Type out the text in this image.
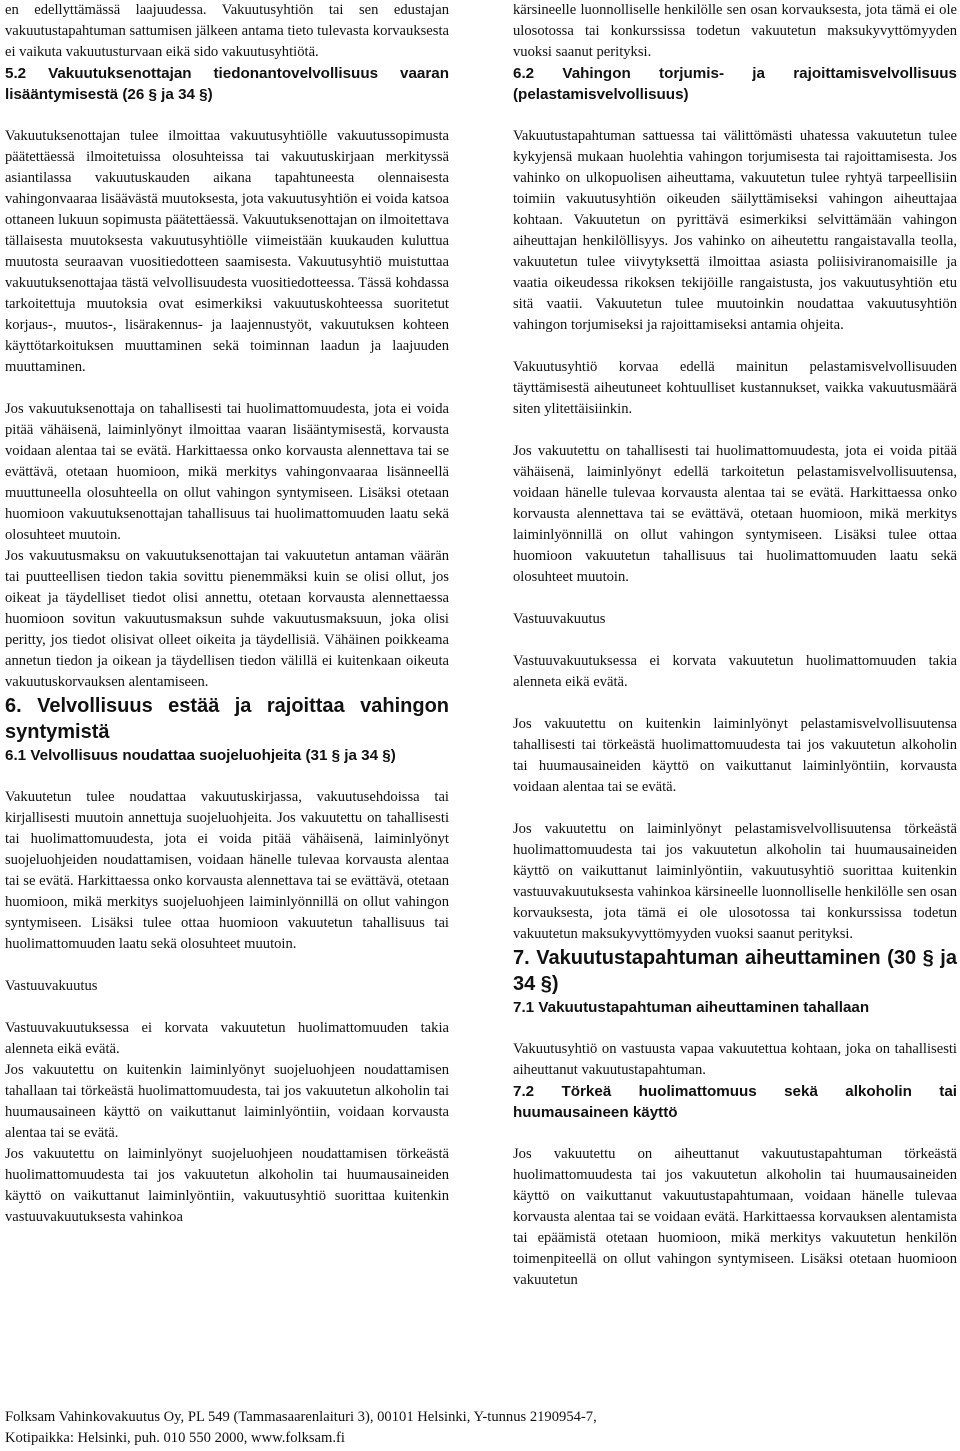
en edellyttämässä laajuudessa. Vakuutusyhtiön tai sen edustajan vakuutustapahtuman sattumisen jälkeen antama tieto tulevasta korvauksesta ei vaikuta vakuutusturvaan eikä sido vakuutusyhtiötä.

5.2 Vakuutuksenottajan tiedonantovelvollisuus vaaran lisääntymisestä (26 § ja 34 §)

Vakuutuksenottajan tulee ilmoittaa vakuutusyhtiölle vakuutussopimusta päätettäessä ilmoitetuissa olosuhteissa tai vakuutuskirjaan merkityssä asiantilassa vakuutuskauden aikana tapahtuneesta olennaisesta vahingonvaaraa lisäävästä muutoksesta, jota vakuutusyhtiön ei voida katsoa ottaneen lukuun sopimusta päätettäessä. Vakuutuksenottajan on ilmoitettava tällaisesta muutoksesta vakuutusyhtiölle viimeistään kuukauden kuluttua muutosta seuraavan vuositiedotteen saamisesta. Vakuutusyhtiö muistuttaa vakuutuksenottajaa tästä velvollisuudesta vuositiedotteessa. Tässä kohdassa tarkoitettuja muutoksia ovat esimerkiksi vakuutuskohteessa suoritetut korjaus-, muutos-, lisärakennus- ja laajennustyöt, vakuutuksen kohteen käyttötarkoituksen muuttaminen sekä toiminnan laadun ja laajuuden muuttaminen.

Jos vakuutuksenottaja on tahallisesti tai huolimattomuudesta, jota ei voida pitää vähäisenä, laiminlyönyt ilmoittaa vaaran lisääntymisestä, korvausta voidaan alentaa tai se evätä. Harkittaessa onko korvausta alennettava tai se evättävä, otetaan huomioon, mikä merkitys vahingonvaaraa lisänneellä muuttuneella olosuhteella on ollut vahingon syntymiseen. Lisäksi otetaan huomioon vakuutuksenottajan tahallisuus tai huolimattomuuden laatu sekä olosuhteet muutoin.

Jos vakuutusmaksu on vakuutuksenottajan tai vakuutetun antaman väärän tai puutteellisen tiedon takia sovittu pienemmäksi kuin se olisi ollut, jos oikeat ja täydelliset tiedot olisi annettu, otetaan korvausta alennettaessa huomioon sovitun vakuutusmaksun suhde vakuutusmaksuun, joka olisi peritty, jos tiedot olisivat olleet oikeita ja täydellisiä. Vähäinen poikkeama annetun tiedon ja oikean ja täydellisen tiedon välillä ei kuitenkaan oikeuta vakuutuskorvauksen alentamiseen.

6. Velvollisuus estää ja rajoittaa vahingon syntymistä

6.1 Velvollisuus noudattaa suojeluohjeita (31 § ja 34 §)

Vakuutetun tulee noudattaa vakuutuskirjassa, vakuutusehdoissa tai kirjallisesti muutoin annettuja suojeluohjeita. Jos vakuutettu on tahallisesti tai huolimattomuudesta, jota ei voida pitää vähäisenä, laiminlyönyt suojeluohjeiden noudattamisen, voidaan hänelle tulevaa korvausta alentaa tai se evätä. Harkittaessa onko korvausta alennettava tai se evättävä, otetaan huomioon, mikä merkitys suojeluohjeen laiminlyönnillä on ollut vahingon syntymiseen. Lisäksi tulee ottaa huomioon vakuutetun tahallisuus tai huolimattomuuden laatu sekä olosuhteet muutoin.

Vastuuvakuutus

Vastuuvakuutuksessa ei korvata vakuutetun huolimattomuuden takia alenneta eikä evätä.

Jos vakuutettu on kuitenkin laiminlyönyt suojeluohjeen noudattamisen tahallaan tai törkeästä huolimattomuudesta, tai jos vakuutetun alkoholin tai huumausaineen käyttö on vaikuttanut laiminlyöntiin, voidaan korvausta alentaa tai se evätä.

Jos vakuutettu on laiminlyönyt suojeluohjeen noudattamisen törkeästä huolimattomuudesta tai jos vakuutetun alkoholin tai huumausaineiden käyttö on vaikuttanut laiminlyöntiin, vakuutusyhtiö suorittaa kuitenkin vastuuvakuutuksesta vahinkoa

kärsineelle luonnolliselle henkilölle sen osan korvauksesta, jota tämä ei ole ulosotossa tai konkurssissa todetun vakuutetun maksukyvyttömyyden vuoksi saanut perityksi.

6.2 Vahingon torjumis- ja rajoittamisvelvollisuus (pelastamisvelvollisuus)

Vakuutustapahtuman sattuessa tai välittömästi uhatessa vakuutetun tulee kykyjensä mukaan huolehtia vahingon torjumisesta tai rajoittamisesta. Jos vahinko on ulkopuolisen aiheuttama, vakuutetun tulee ryhtyä tarpeellisiin toimiin vakuutusyhtiön oikeuden säilyttämiseksi vahingon aiheuttajaa kohtaan. Vakuutetun on pyrittävä esimerkiksi selvittämään vahingon aiheuttajan henkilöllisyys. Jos vahinko on aiheutettu rangaistavalla teolla, vakuutetun tulee viivytyksettä ilmoittaa asiasta poliisiviranomaisille ja vaatia oikeudessa rikoksen tekijöille rangaistusta, jos vakuutusyhtiön etu sitä vaatii. Vakuutetun tulee muutoinkin noudattaa vakuutusyhtiön vahingon torjumiseksi ja rajoittamiseksi antamia ohjeita.

Vakuutusyhtiö korvaa edellä mainitun pelastamisvelvollisuuden täyttämisestä aiheutuneet kohtuulliset kustannukset, vaikka vakuutusmäärä siten ylitettäisiinkin.

Jos vakuutettu on tahallisesti tai huolimattomuudesta, jota ei voida pitää vähäisenä, laiminlyönyt edellä tarkoitetun pelastamisvelvollisuutensa, voidaan hänelle tulevaa korvausta alentaa tai se evätä. Harkittaessa onko korvausta alennettava tai se evättävä, otetaan huomioon, mikä merkitys laiminlyönnillä on ollut vahingon syntymiseen. Lisäksi tulee ottaa huomioon vakuutetun tahallisuus tai huolimattomuuden laatu sekä olosuhteet muutoin.

Vastuuvakuutus

Vastuuvakuutuksessa ei korvata vakuutetun huolimattomuuden takia alenneta eikä evätä.

Jos vakuutettu on kuitenkin laiminlyönyt pelastamisvelvollisuutensa tahallisesti tai törkeästä huolimattomuudesta tai jos vakuutetun alkoholin tai huumausaineiden käyttö on vaikuttanut laiminlyöntiin, korvausta voidaan alentaa tai se evätä.

Jos vakuutettu on laiminlyönyt pelastamisvelvollisuutensa törkeästä huolimattomuudesta tai jos vakuutetun alkoholin tai huumausaineiden käyttö on vaikuttanut laiminlyöntiin, vakuutusyhtiö suorittaa kuitenkin vastuuvakuutuksesta vahinkoa kärsineelle luonnolliselle henkilölle sen osan korvauksesta, jota tämä ei ole ulosotossa tai konkurssissa todetun vakuutetun maksukyvyttömyyden vuoksi saanut perityksi.

7. Vakuutustapahtuman aiheuttaminen (30 § ja 34 §)

7.1 Vakuutustapahtuman aiheuttaminen tahallaan

Vakuutusyhtiö on vastuusta vapaa vakuutettua kohtaan, joka on tahallisesti aiheuttanut vakuutustapahtuman.

7.2 Törkeä huolimattomuus sekä alkoholin tai huumausaineen käyttö

Jos vakuutettu on aiheuttanut vakuutustapahtuman törkeästä huolimattomuudesta tai jos vakuutetun alkoholin tai huumausaineiden käyttö on vaikuttanut vakuutustapahtumaan, voidaan hänelle tulevaa korvausta alentaa tai se voidaan evätä. Harkittaessa korvauksen alentamista tai epäämistä otetaan huomioon, mikä merkitys vakuutetun henkilön toimenpiteellä on ollut vahingon syntymiseen. Lisäksi otetaan huomioon vakuutetun

Folksam Vahinkovakuutus Oy, PL 549 (Tammasaarenlaituri 3), 00101 Helsinki, Y-tunnus 2190954-7,
Kotipaikka: Helsinki, puh. 010 550 2000, www.folksam.fi
